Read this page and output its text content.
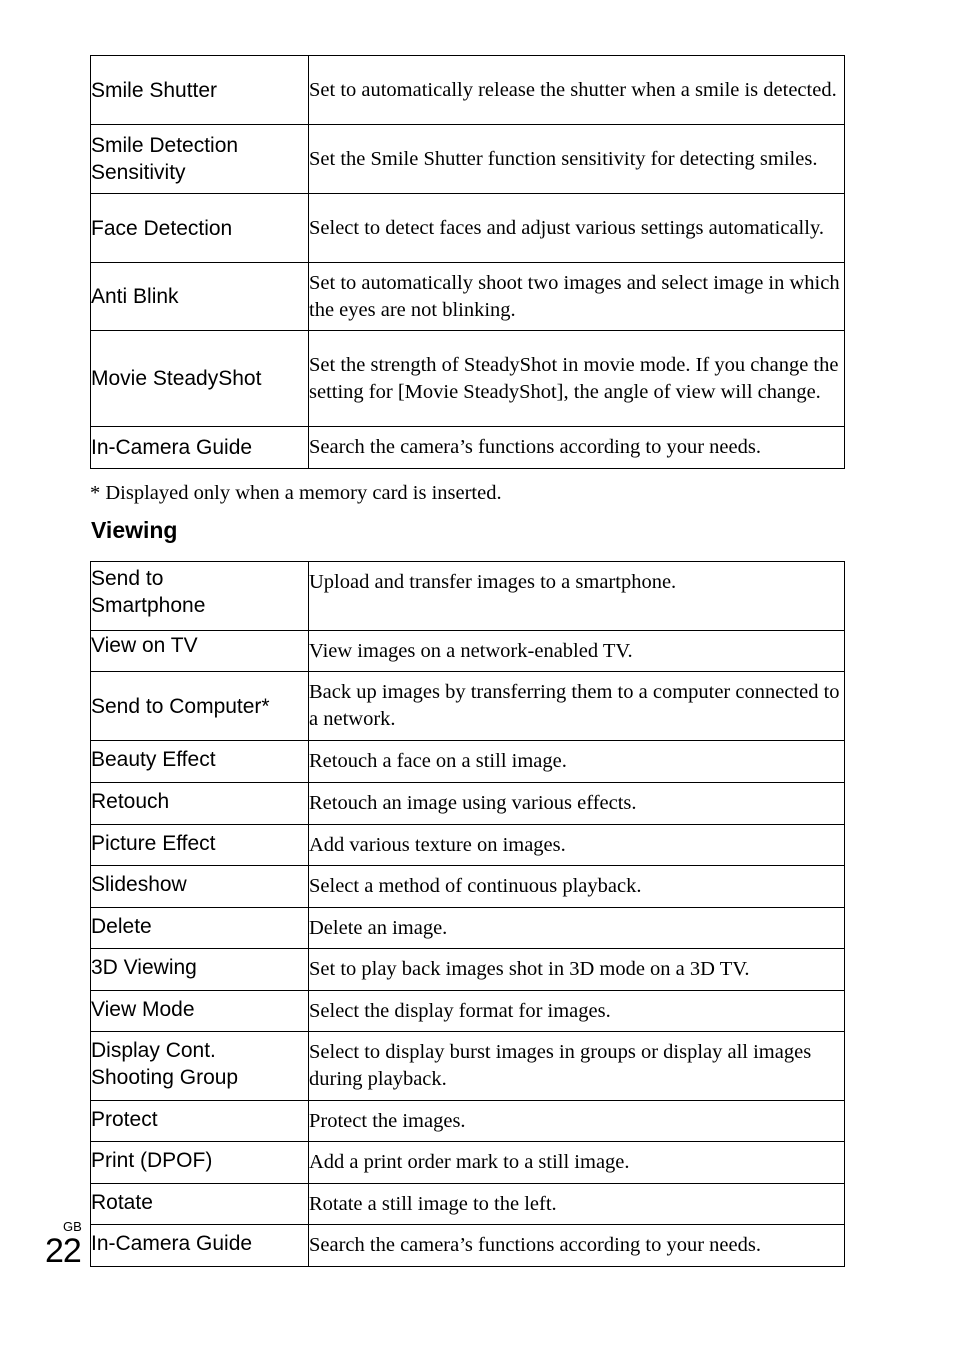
Smile Shutter	Set to automatically release the shutter when a smile is detected.
Smile Detection
Sensitivity	Set the Smile Shutter function sensitivity for detecting smiles.
Face Detection	Select to detect faces and adjust various settings automatically.
Anti Blink	Set to automatically shoot two images and select image in which the eyes are not blinking.
Movie SteadyShot	Set the strength of SteadyShot in movie mode. If you change the setting for [Movie SteadyShot], the angle of view will change.
In-Camera Guide	Search the camera’s functions according to your needs.

* Displayed only when a memory card is inserted.

Viewing
Send to
Smartphone	Upload and transfer images to a smartphone.
View on TV	View images on a network-enabled TV.
Send to Computer*	Back up images by transferring them to a computer connected to a network.
Beauty Effect	Retouch a face on a still image.
Retouch	Retouch an image using various effects.
Picture Effect	Add various texture on images.
Slideshow	Select a method of continuous playback.
Delete	Delete an image.
3D Viewing	Set to play back images shot in 3D mode on a 3D TV.
View Mode	Select the display format for images.
Display Cont.
Shooting Group	Select to display burst images in groups or display all images during playback.
Protect	Protect the images.
Print (DPOF)	Add a print order mark to a still image.
Rotate	Rotate a still image to the left.
In-Camera Guide	Search the camera’s functions according to your needs.
GB
22
